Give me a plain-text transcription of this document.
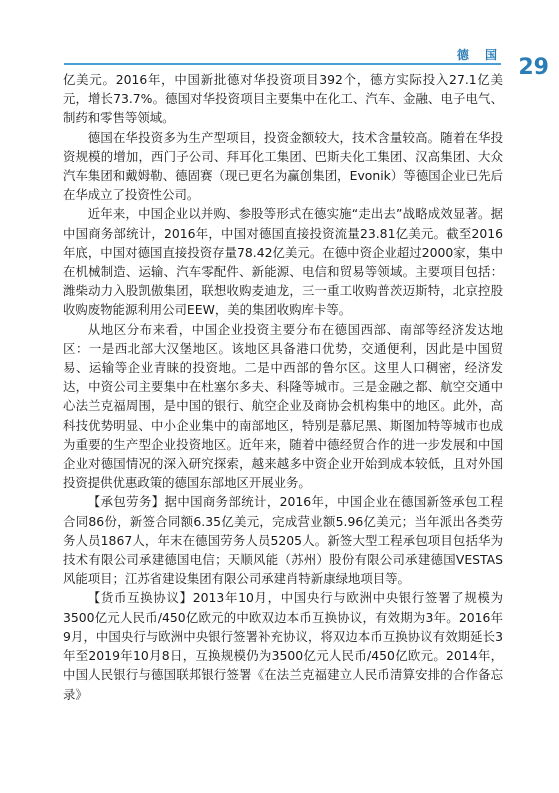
德 国 29

亿美元。2016年，中国新批德对华投资项目392个，德方实际投入27.1亿美元，增长73.7%。德国对华投资项目主要集中在化工、汽车、金融、电子电气、制药和零售等领域。

德国在华投资多为生产型项目，投资金额较大，技术含量较高。随着在华投资规模的增加，西门子公司、拜耳化工集团、巴斯夫化工集团、汉高集团、大众汽车集团和戴姆勒、德固赛（现已更名为赢创集团，Evonik）等德国企业已先后在华成立了投资性公司。

近年来，中国企业以并购、参股等形式在德实施“走出去”战略成效显著。据中国商务部统计，2016年，中国对德国直接投资流量23.81亿美元。截至2016年底，中国对德国直接投资存量78.42亿美元。在德中资企业超过2000家，集中在机械制造、运输、汽车零配件、新能源、电信和贸易等领域。主要项目包括：潍柴动力入股凯傲集团，联想收购麦迪龙，三一重工收购普茨迈斯特，北京控股收购废物能源利用公司EEW，美的集团收购库卡等。

从地区分布来看，中国企业投资主要分布在德国西部、南部等经济发达地区：一是西北部大汉堡地区。该地区具备港口优势，交通便利，因此是中国贸易、运输等企业青睐的投资地。二是中西部的鲁尔区。这里人口稠密，经济发达，中资公司主要集中在杜塞尔多夫、科隆等城市。三是金融之都、航空交通中心法兰克福周围，是中国的银行、航空企业及商协会机构集中的地区。此外，高科技优势明显、中小企业集中的南部地区，特别是慕尼黑、斯图加特等城市也成为重要的生产型企业投资地区。近年来，随着中德经贸合作的进一步发展和中国企业对德国情况的深入研究探索，越来越多中资企业开始到成本较低，且对外国投资提供优惠政策的德国东部地区开展业务。

【承包劳务】据中国商务部统计，2016年，中国企业在德国新签承包工程合同86份，新签合同额6.35亿美元，完成营业额5.96亿美元；当年派出各类劳务人员1867人，年末在德国劳务人员5205人。新签大型工程承包项目包括华为技术有限公司承建德国电信；天顺风能（苏州）股份有限公司承建德国VESTAS风能项目；江苏省建设集团有限公司承建肖特新康绿地项目等。

【货币互换协议】2013年10月，中国央行与欧洲中央银行签署了规模为3500亿元人民币/450亿欧元的中欧双边本币互换协议，有效期为3年。2016年9月，中国央行与欧洲中央银行签署补充协议，将双边本币互换协议有效期延长3年至2019年10月8日，互换规模仍为3500亿元人民币/450亿欧元。2014年，中国人民银行与德国联邦银行签署《在法兰克福建立人民币清算安排的合作备忘录》
